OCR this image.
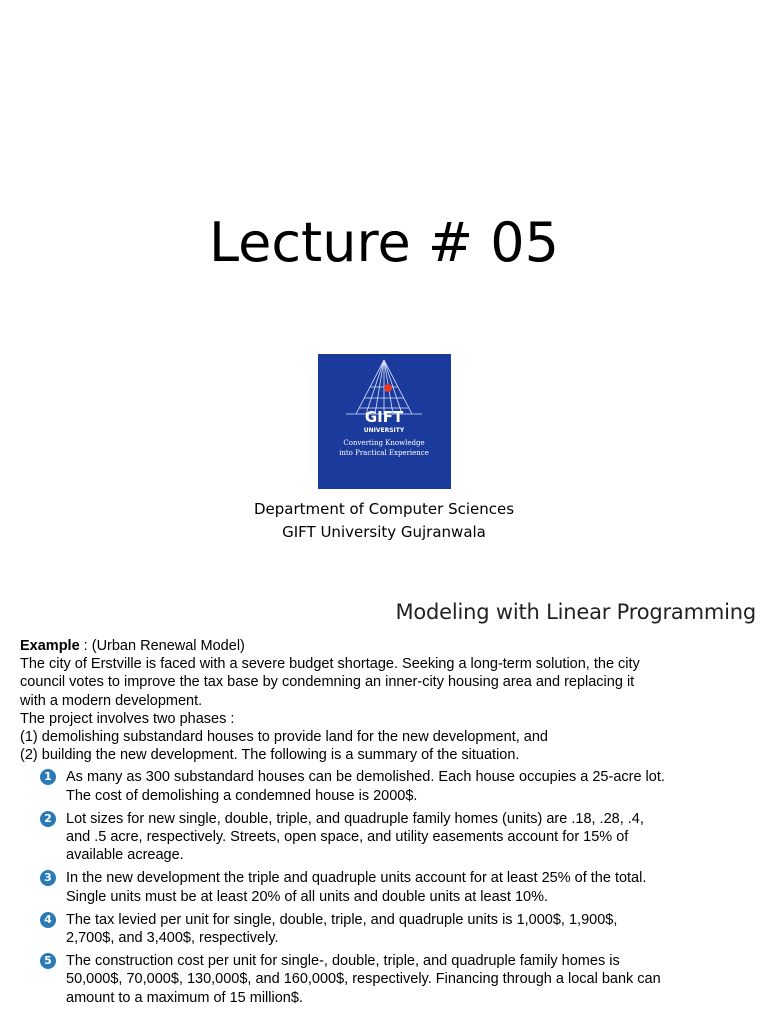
Lecture # 05
GIFT
UNIVERSITY
Converting Knowledge
into Practical Experience
Department of Computer Sciences
GIFT University Gujranwala
Modeling with Linear Programming

Example : (Urban Renewal Model)

The city of Erstville is faced with a severe budget shortage. Seeking a long-term solution, the city

council votes to improve the tax base by condemning an inner-city housing area and replacing it

with a modern development.

The project involves two phases :

(1) demolishing substandard houses to provide land for the new development, and

(2) building the new development. The following is a summary of the situation.

1 As many as 300 substandard houses can be demolished. Each house occupies a 25-acre lot.
The cost of demolishing a condemned house is 2000$.
2 Lot sizes for new single, double, triple, and quadruple family homes (units) are .18, .28, .4,
and .5 acre, respectively. Streets, open space, and utility easements account for 15% of
available acreage.
3 In the new development the triple and quadruple units account for at least 25% of the total.
Single units must be at least 20% of all units and double units at least 10%.
4 The tax levied per unit for single, double, triple, and quadruple units is 1,000$, 1,900$,
2,700$, and 3,400$, respectively.
5 The construction cost per unit for single-, double, triple, and quadruple family homes is
50,000$, 70,000$, 130,000$, and 160,000$, respectively. Financing through a local bank can
amount to a maximum of 15 million$.
